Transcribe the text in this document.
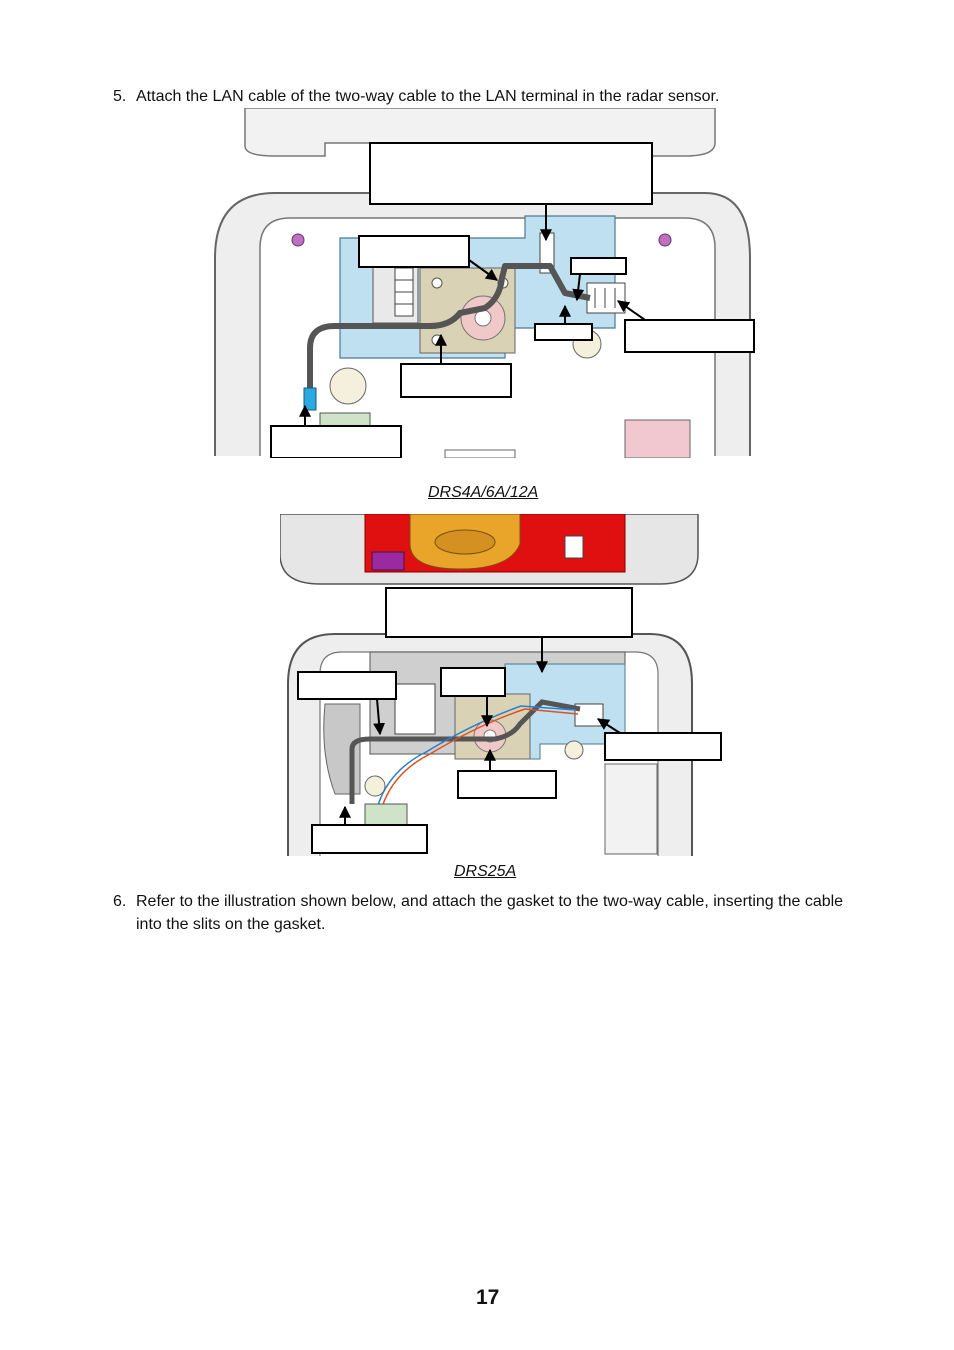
5. Attach the LAN cable of the two-way cable to the LAN terminal in the radar sensor.
DRS4A/6A/12A
DRS25A
6. Refer to the illustration shown below, and attach the gasket to the two-way cable, inserting the cable into the slits on the gasket.
17
